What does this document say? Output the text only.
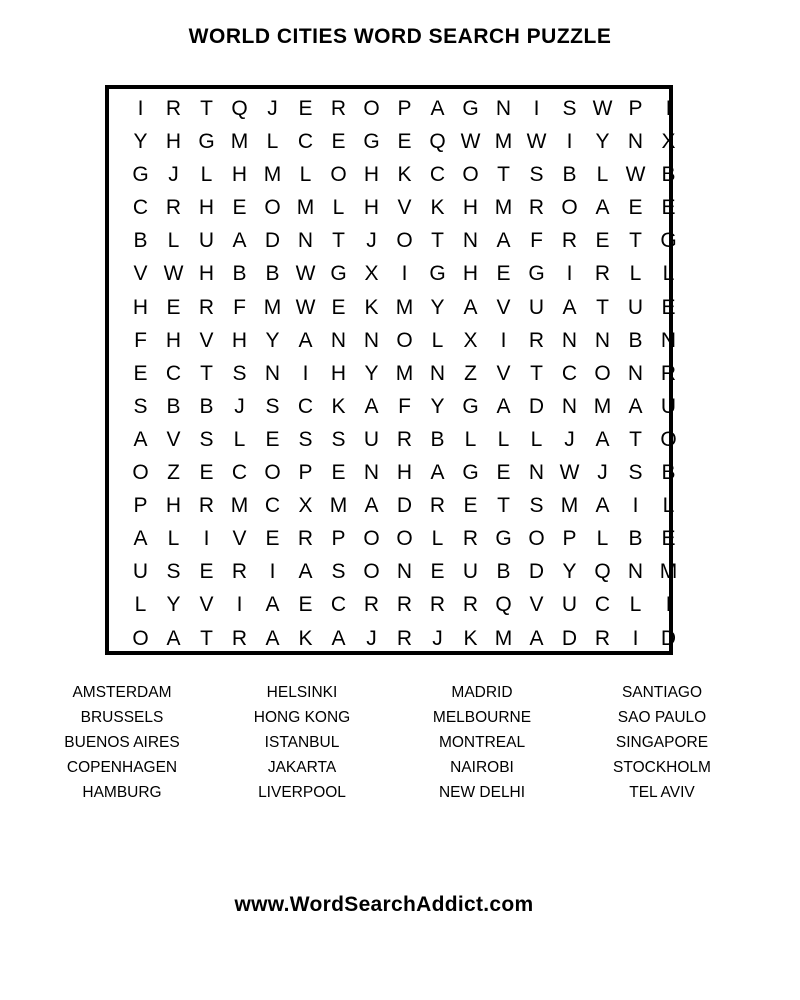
WORLD CITIES WORD SEARCH PUZZLE
I	R T Q J E R O P A G N	I	S W P	I
Y H G M L C E G E Q W M W I	Y N X
G J	L H M L O H K C O T S B L W B
C R H E O M L H V K H M R O A E E
B L U A D N T	J O T N A F R E T G
V W H B B W G X	I	G H E G	I	R L	L
H E R F M W E K M Y A V U A T U E
F H V H Y A N N O L X	I	R N N B N
E C T S N	I	H Y M N Z V T C O N R
S B B J S C K A F Y G A D N M A U
A V S L E S S U R B L	L	L	J A T O
O Z E C O P E N H A G E N W J S B
P H R M C X M A D R E T S M A	I	L
A L	I	V E R P O O L R G O P L B E
U S E R	I	A S O N E U B D Y Q N M
L Y V	I	A E C R R R R Q V U C L	I
O A T R A K A J R J K M A D R	I	D
AMSTERDAM
BRUSSELS
BUENOS AIRES
COPENHAGEN
HAMBURG
HELSINKI
HONG KONG
ISTANBUL
JAKARTA
LIVERPOOL
MADRID
MELBOURNE
MONTREAL
NAIROBI
NEW DELHI
SANTIAGO
SAO PAULO
SINGAPORE
STOCKHOLM
TEL AVIV
www.WordSearchAddict.com
